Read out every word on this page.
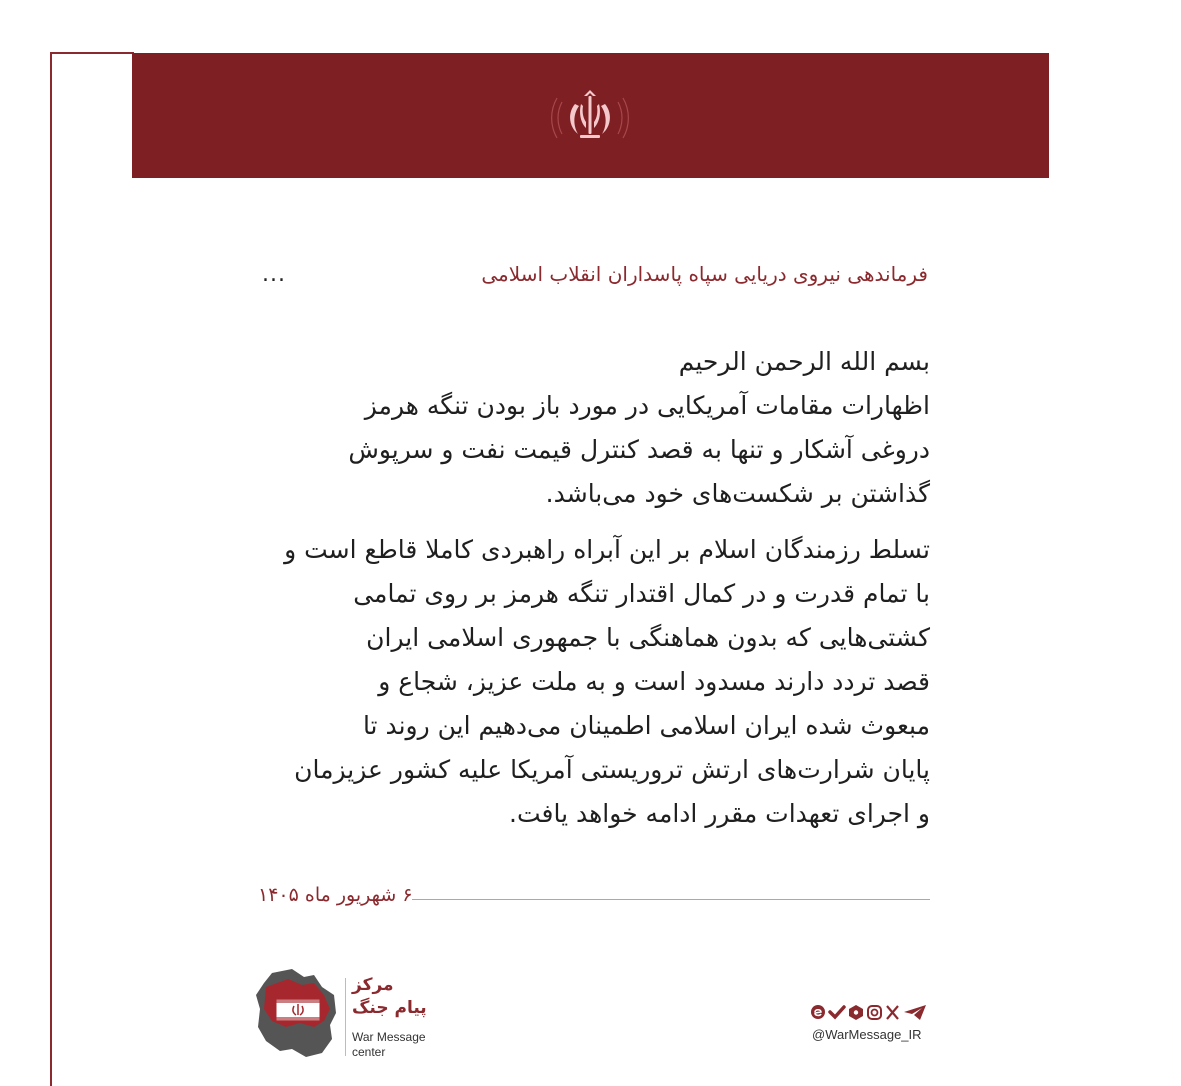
فرماندهی نیروی دریایی سپاه پاسداران انقلاب اسلامی
...
بسم الله الرحمن الرحیم
اظهارات مقامات آمریکایی در مورد باز بودن تنگه هرمز
دروغی آشکار و تنها به قصد کنترل قیمت نفت و سرپوش
گذاشتن بر شکست‌های خود می‌باشد.
تسلط رزمندگان اسلام بر این آبراه راهبردی کاملا قاطع است و
با تمام قدرت و در کمال اقتدار تنگه هرمز بر روی تمامی
کشتی‌هایی که بدون هماهنگی با جمهوری اسلامی ایران
قصد تردد دارند مسدود است و به ملت عزیز، شجاع و
مبعوث شده ایران اسلامی اطمینان می‌دهیم این روند تا
پایان شرارت‌های ارتش تروریستی آمریکا علیه کشور عزیزمان
و اجرای تعهدات مقرر ادامه خواهد یافت.
۶ شهریور ماه ۱۴۰۵
مرکز
پیام جنگ
War Message
center
@WarMessage_IR
